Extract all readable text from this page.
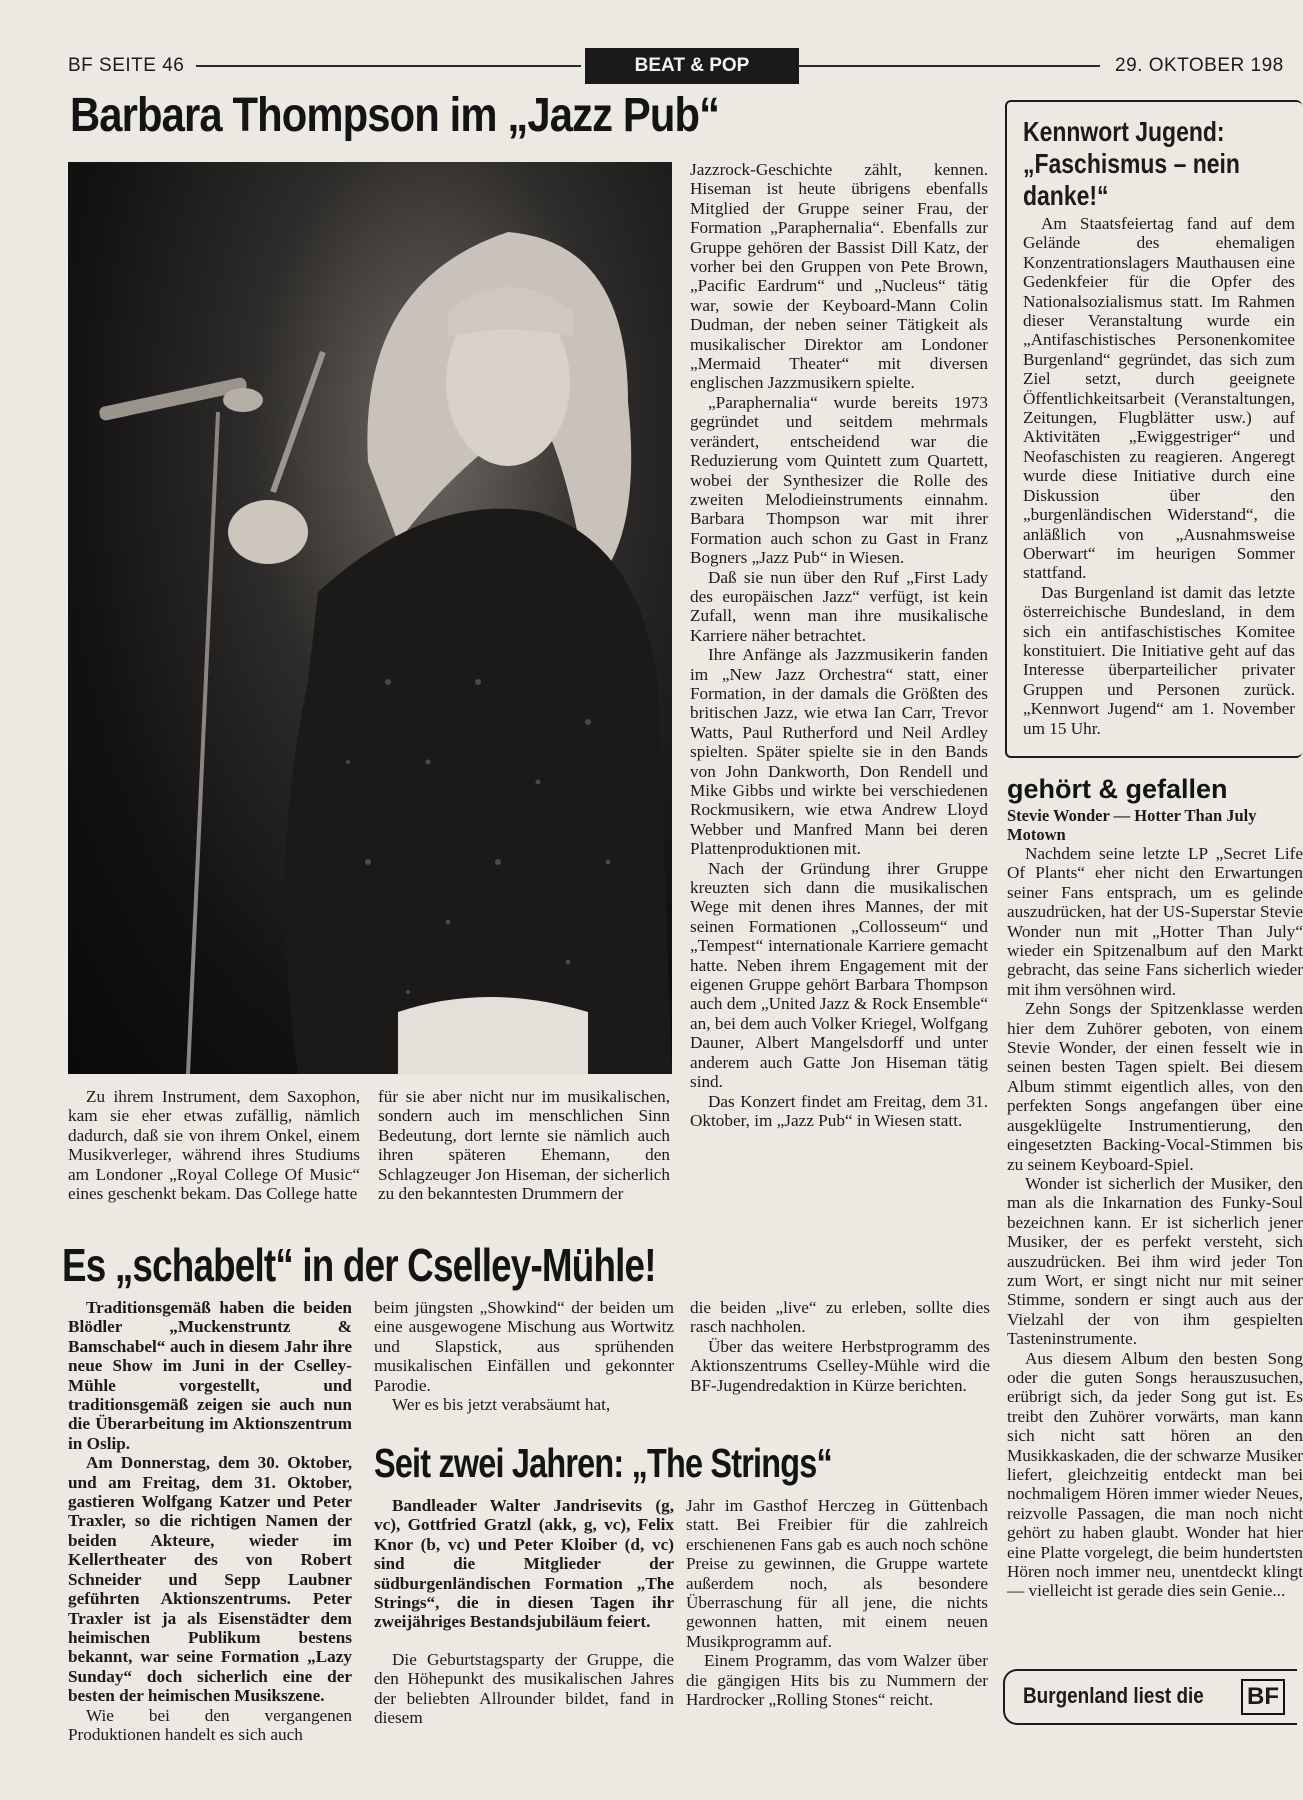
BF SEITE 46	BEAT & POP	29. OKTOBER 198
Barbara Thompson im „Jazz Pub“

Jazzrock-Geschichte zählt, kennen. Hiseman ist heute übrigens ebenfalls Mitglied der Gruppe seiner Frau, der Formation „Paraphernalia“. Ebenfalls zur Gruppe gehören der Bassist Dill Katz, der vorher bei den Gruppen von Pete Brown, „Pacific Eardrum“ und „Nucleus“ tätig war, sowie der Keyboard-Mann Colin Dudman, der neben seiner Tätigkeit als musikalischer Direktor am Londoner „Mermaid Theater“ mit diversen englischen Jazzmusikern spielte.

„Paraphernalia“ wurde bereits 1973 gegründet und seitdem mehrmals verändert, entscheidend war die Reduzierung vom Quintett zum Quartett, wobei der Synthesizer die Rolle des zweiten Melodieinstruments einnahm. Barbara Thompson war mit ihrer Formation auch schon zu Gast in Franz Bogners „Jazz Pub“ in Wiesen.

Daß sie nun über den Ruf „First Lady des europäischen Jazz“ verfügt, ist kein Zufall, wenn man ihre musikalische Karriere näher betrachtet.

Ihre Anfänge als Jazzmusikerin fanden im „New Jazz Orchestra“ statt, einer Formation, in der damals die Größten des britischen Jazz, wie etwa Ian Carr, Trevor Watts, Paul Rutherford und Neil Ardley spielten. Später spielte sie in den Bands von John Dankworth, Don Rendell und Mike Gibbs und wirkte bei verschiedenen Rockmusikern, wie etwa Andrew Lloyd Webber und Manfred Mann bei deren Plattenproduktionen mit.

Nach der Gründung ihrer Gruppe kreuzten sich dann die musikalischen Wege mit denen ihres Mannes, der mit seinen Formationen „Collosseum“ und „Tempest“ internationale Karriere gemacht hatte. Neben ihrem Engagement mit der eigenen Gruppe gehört Barbara Thompson auch dem „United Jazz & Rock Ensemble“ an, bei dem auch Volker Kriegel, Wolfgang Dauner, Albert Mangelsdorff und unter anderem auch Gatte Jon Hiseman tätig sind.

Das Konzert findet am Freitag, dem 31. Oktober, im „Jazz Pub“ in Wiesen statt.

Zu ihrem Instrument, dem Saxophon, kam sie eher etwas zufällig, nämlich dadurch, daß sie von ihrem Onkel, einem Musikverleger, während ihres Studiums am Londoner „Royal College Of Music“ eines geschenkt bekam. Das College hatte

für sie aber nicht nur im musikalischen, sondern auch im menschlichen Sinn Bedeutung, dort lernte sie nämlich auch ihren späteren Ehemann, den Schlagzeuger Jon Hiseman, der sicherlich zu den bekanntesten Drummern der

Kennwort Jugend:
„Faschismus – nein
danke!“

Am Staatsfeiertag fand auf dem Gelände des ehemaligen Konzentrationslagers Mauthausen eine Gedenkfeier für die Opfer des Nationalsozialismus statt. Im Rahmen dieser Veranstaltung wurde ein „Antifaschistisches Personenkomitee Burgenland“ gegründet, das sich zum Ziel setzt, durch geeignete Öffentlichkeitsarbeit (Veranstaltungen, Zeitungen, Flugblätter usw.) auf Aktivitäten „Ewiggestriger“ und Neofaschisten zu reagieren. Angeregt wurde diese Initiative durch eine Diskussion über den „burgenländischen Widerstand“, die anläßlich von „Ausnahmsweise Oberwart“ im heurigen Sommer stattfand.

Das Burgenland ist damit das letzte österreichische Bundesland, in dem sich ein antifaschistisches Komitee konstituiert. Die Initiative geht auf das Interesse überparteilicher privater Gruppen und Personen zurück. „Kennwort Jugend“ am 1. November um 15 Uhr.

gehört & gefallen
Stevie Wonder — Hotter Than July
Motown

Nachdem seine letzte LP „Secret Life Of Plants“ eher nicht den Erwartungen seiner Fans entsprach, um es gelinde auszudrücken, hat der US-Superstar Stevie Wonder nun mit „Hotter Than July“ wieder ein Spitzenalbum auf den Markt gebracht, das seine Fans sicherlich wieder mit ihm versöhnen wird.

Zehn Songs der Spitzenklasse werden hier dem Zuhörer geboten, von einem Stevie Wonder, der einen fesselt wie in seinen besten Tagen spielt. Bei diesem Album stimmt eigentlich alles, von den perfekten Songs angefangen über eine ausgeklügelte Instrumentierung, den eingesetzten Backing-Vocal-Stimmen bis zu seinem Keyboard-Spiel.

Wonder ist sicherlich der Musiker, den man als die Inkarnation des Funky-Soul bezeichnen kann. Er ist sicherlich jener Musiker, der es perfekt versteht, sich auszudrücken. Bei ihm wird jeder Ton zum Wort, er singt nicht nur mit seiner Stimme, sondern er singt auch aus der Vielzahl der von ihm gespielten Tasteninstrumente.

Aus diesem Album den besten Song oder die guten Songs herauszusuchen, erübrigt sich, da jeder Song gut ist. Es treibt den Zuhörer vorwärts, man kann sich nicht satt hören an den Musikkaskaden, die der schwarze Musiker liefert, gleichzeitig entdeckt man bei nochmaligem Hören immer wieder Neues, reizvolle Passagen, die man noch nicht gehört zu haben glaubt. Wonder hat hier eine Platte vorgelegt, die beim hundertsten Hören noch immer neu, unentdeckt klingt — vielleicht ist gerade dies sein Genie...

Burgenland liest die BF
Es „schabelt“ in der Cselley-Mühle!

Traditionsgemäß haben die beiden Blödler „Muckenstruntz & Bamschabel“ auch in diesem Jahr ihre neue Show im Juni in der Cselley-Mühle vorgestellt, und traditionsgemäß zeigen sie auch nun die Überarbeitung im Aktionszentrum in Oslip.

Am Donnerstag, dem 30. Oktober, und am Freitag, dem 31. Oktober, gastieren Wolfgang Katzer und Peter Traxler, so die richtigen Namen der beiden Akteure, wieder im Kellertheater des von Robert Schneider und Sepp Laubner geführten Aktionszentrums. Peter Traxler ist ja als Eisenstädter dem heimischen Publikum bestens bekannt, war seine Formation „Lazy Sunday“ doch sicherlich eine der besten der heimischen Musikszene.

Wie bei den vergangenen Produktionen handelt es sich auch

beim jüngsten „Showkind“ der beiden um eine ausgewogene Mischung aus Wortwitz und Slapstick, aus sprühenden musikalischen Einfällen und gekonnter Parodie.

Wer es bis jetzt verabsäumt hat,

die beiden „live“ zu erleben, sollte dies rasch nachholen.

Über das weitere Herbstprogramm des Aktionszentrums Cselley-Mühle wird die BF-Jugendredaktion in Kürze berichten.

Seit zwei Jahren: „The Strings“

Bandleader Walter Jandrisevits (g, vc), Gottfried Gratzl (akk, g, vc), Felix Knor (b, vc) und Peter Kloiber (d, vc) sind die Mitglieder der südburgenländischen Formation „The Strings“, die in diesen Tagen ihr zweijähriges Bestandsjubiläum feiert.

Die Geburtstagsparty der Gruppe, die den Höhepunkt des musikalischen Jahres der beliebten Allrounder bildet, fand in diesem

Jahr im Gasthof Herczeg in Güttenbach statt. Bei Freibier für die zahlreich erschienenen Fans gab es auch noch schöne Preise zu gewinnen, die Gruppe wartete außerdem noch, als besondere Überraschung für all jene, die nichts gewonnen hatten, mit einem neuen Musikprogramm auf.

Einem Programm, das vom Walzer über die gängigen Hits bis zu Nummern der Hardrocker „Rolling Stones“ reicht.
